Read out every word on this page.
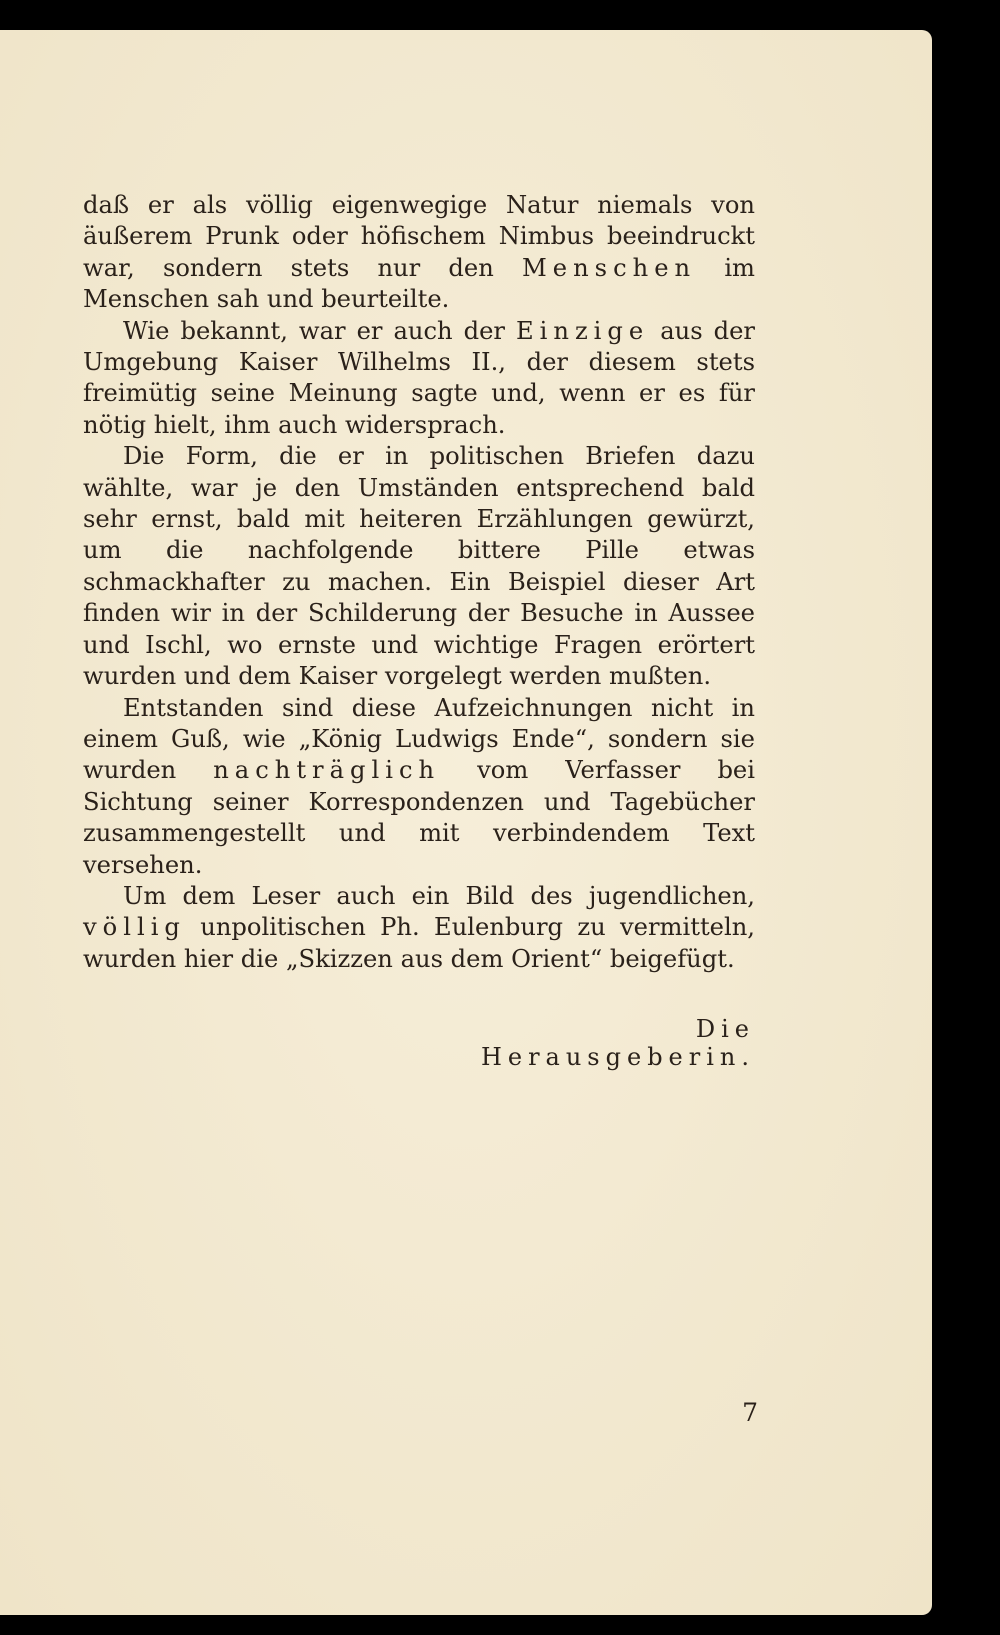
daß er als völlig eigenwegige Natur niemals von äußerem Prunk oder höfischem Nimbus beeindruckt war, sondern stets nur den Menschen im Menschen sah und beurteilte.

Wie bekannt, war er auch der Einzige aus der Umgebung Kaiser Wilhelms II., der diesem stets freimütig seine Meinung sagte und, wenn er es für nötig hielt, ihm auch widersprach.

Die Form, die er in politischen Briefen dazu wählte, war je den Umständen entsprechend bald sehr ernst, bald mit heiteren Erzählungen gewürzt, um die nachfolgende bittere Pille etwas schmackhafter zu machen. Ein Beispiel dieser Art finden wir in der Schilderung der Besuche in Aussee und Ischl, wo ernste und wichtige Fragen erörtert wurden und dem Kaiser vorgelegt werden mußten.

Entstanden sind diese Aufzeichnungen nicht in einem Guß, wie „König Ludwigs Ende“, sondern sie wurden nachträglich vom Verfasser bei Sichtung seiner Korrespondenzen und Tagebücher zusammengestellt und mit verbindendem Text versehen.

Um dem Leser auch ein Bild des jugendlichen, völlig unpolitischen Ph. Eulenburg zu vermitteln, wurden hier die „Skizzen aus dem Orient“ beigefügt.

Die Herausgeberin.
7
